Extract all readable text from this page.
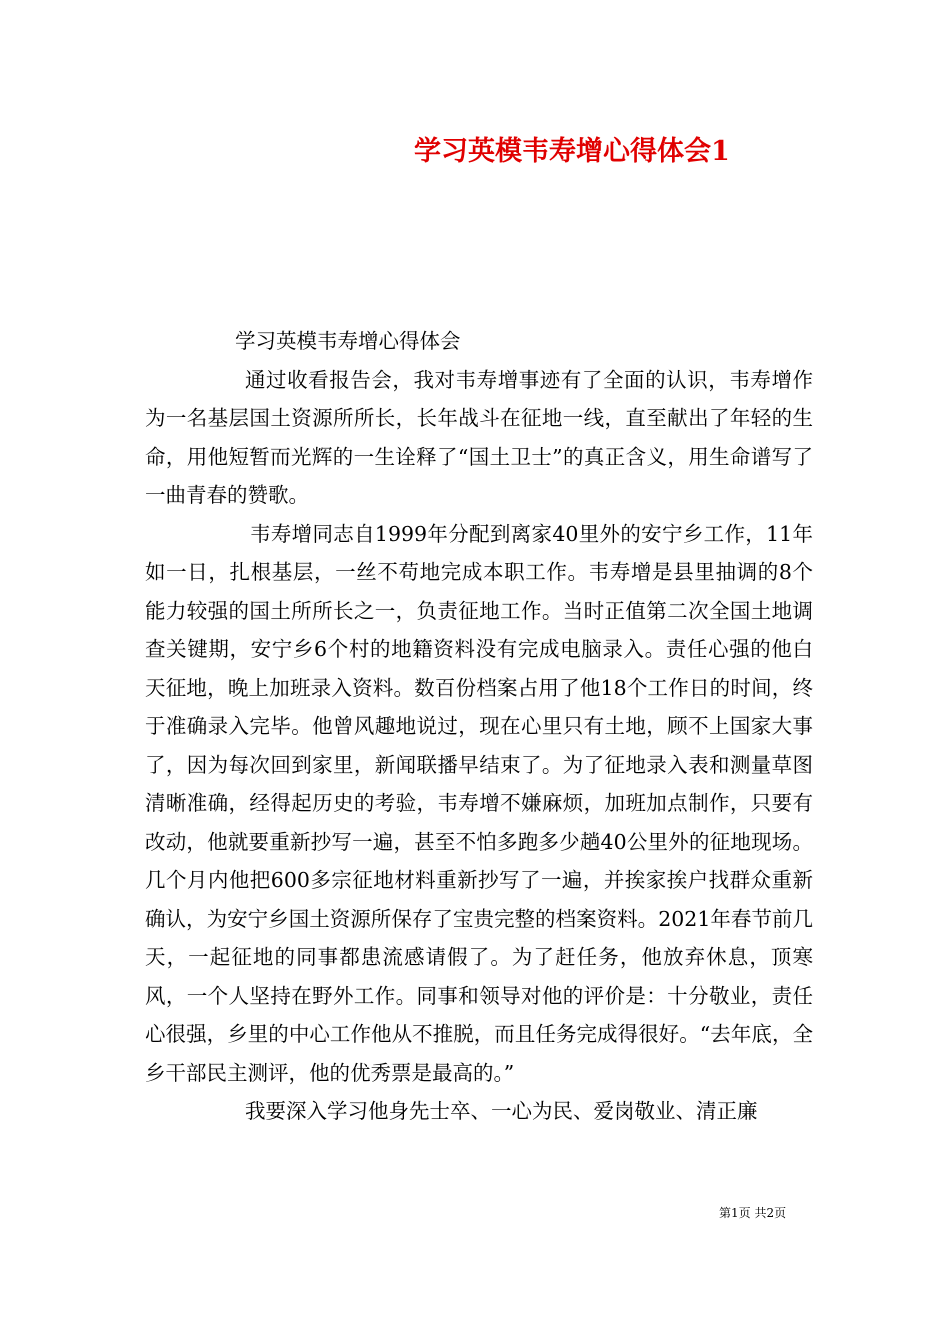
学习英模韦寿增心得体会1

学习英模韦寿增心得体会

通过收看报告会，我对韦寿增事迹有了全面的认识，韦寿增作为一名基层国土资源所所长，长年战斗在征地一线，直至献出了年轻的生命，用他短暂而光辉的一生诠释了“国土卫士”的真正含义，用生命谱写了一曲青春的赞歌。

韦寿增同志自1999年分配到离家40里外的安宁乡工作，11年如一日，扎根基层，一丝不苟地完成本职工作。韦寿增是县里抽调的8个能力较强的国土所所长之一，负责征地工作。当时正值第二次全国土地调查关键期，安宁乡6个村的地籍资料没有完成电脑录入。责任心强的他白天征地，晚上加班录入资料。数百份档案占用了他18个工作日的时间，终于准确录入完毕。他曾风趣地说过，现在心里只有土地，顾不上国家大事了，因为每次回到家里，新闻联播早结束了。为了征地录入表和测量草图清晰准确，经得起历史的考验，韦寿增不嫌麻烦，加班加点制作，只要有改动，他就要重新抄写一遍，甚至不怕多跑多少趟40公里外的征地现场。几个月内他把600多宗征地材料重新抄写了一遍，并挨家挨户找群众重新确认，为安宁乡国土资源所保存了宝贵完整的档案资料。2021年春节前几天，一起征地的同事都患流感请假了。为了赶任务，他放弃休息，顶寒风，一个人坚持在野外工作。同事和领导对他的评价是：十分敬业，责任心很强，乡里的中心工作他从不推脱，而且任务完成得很好。“去年底，全乡干部民主测评，他的优秀票是最高的。”

我要深入学习他身先士卒、一心为民、爱岗敬业、清正廉

第1页 共2页
